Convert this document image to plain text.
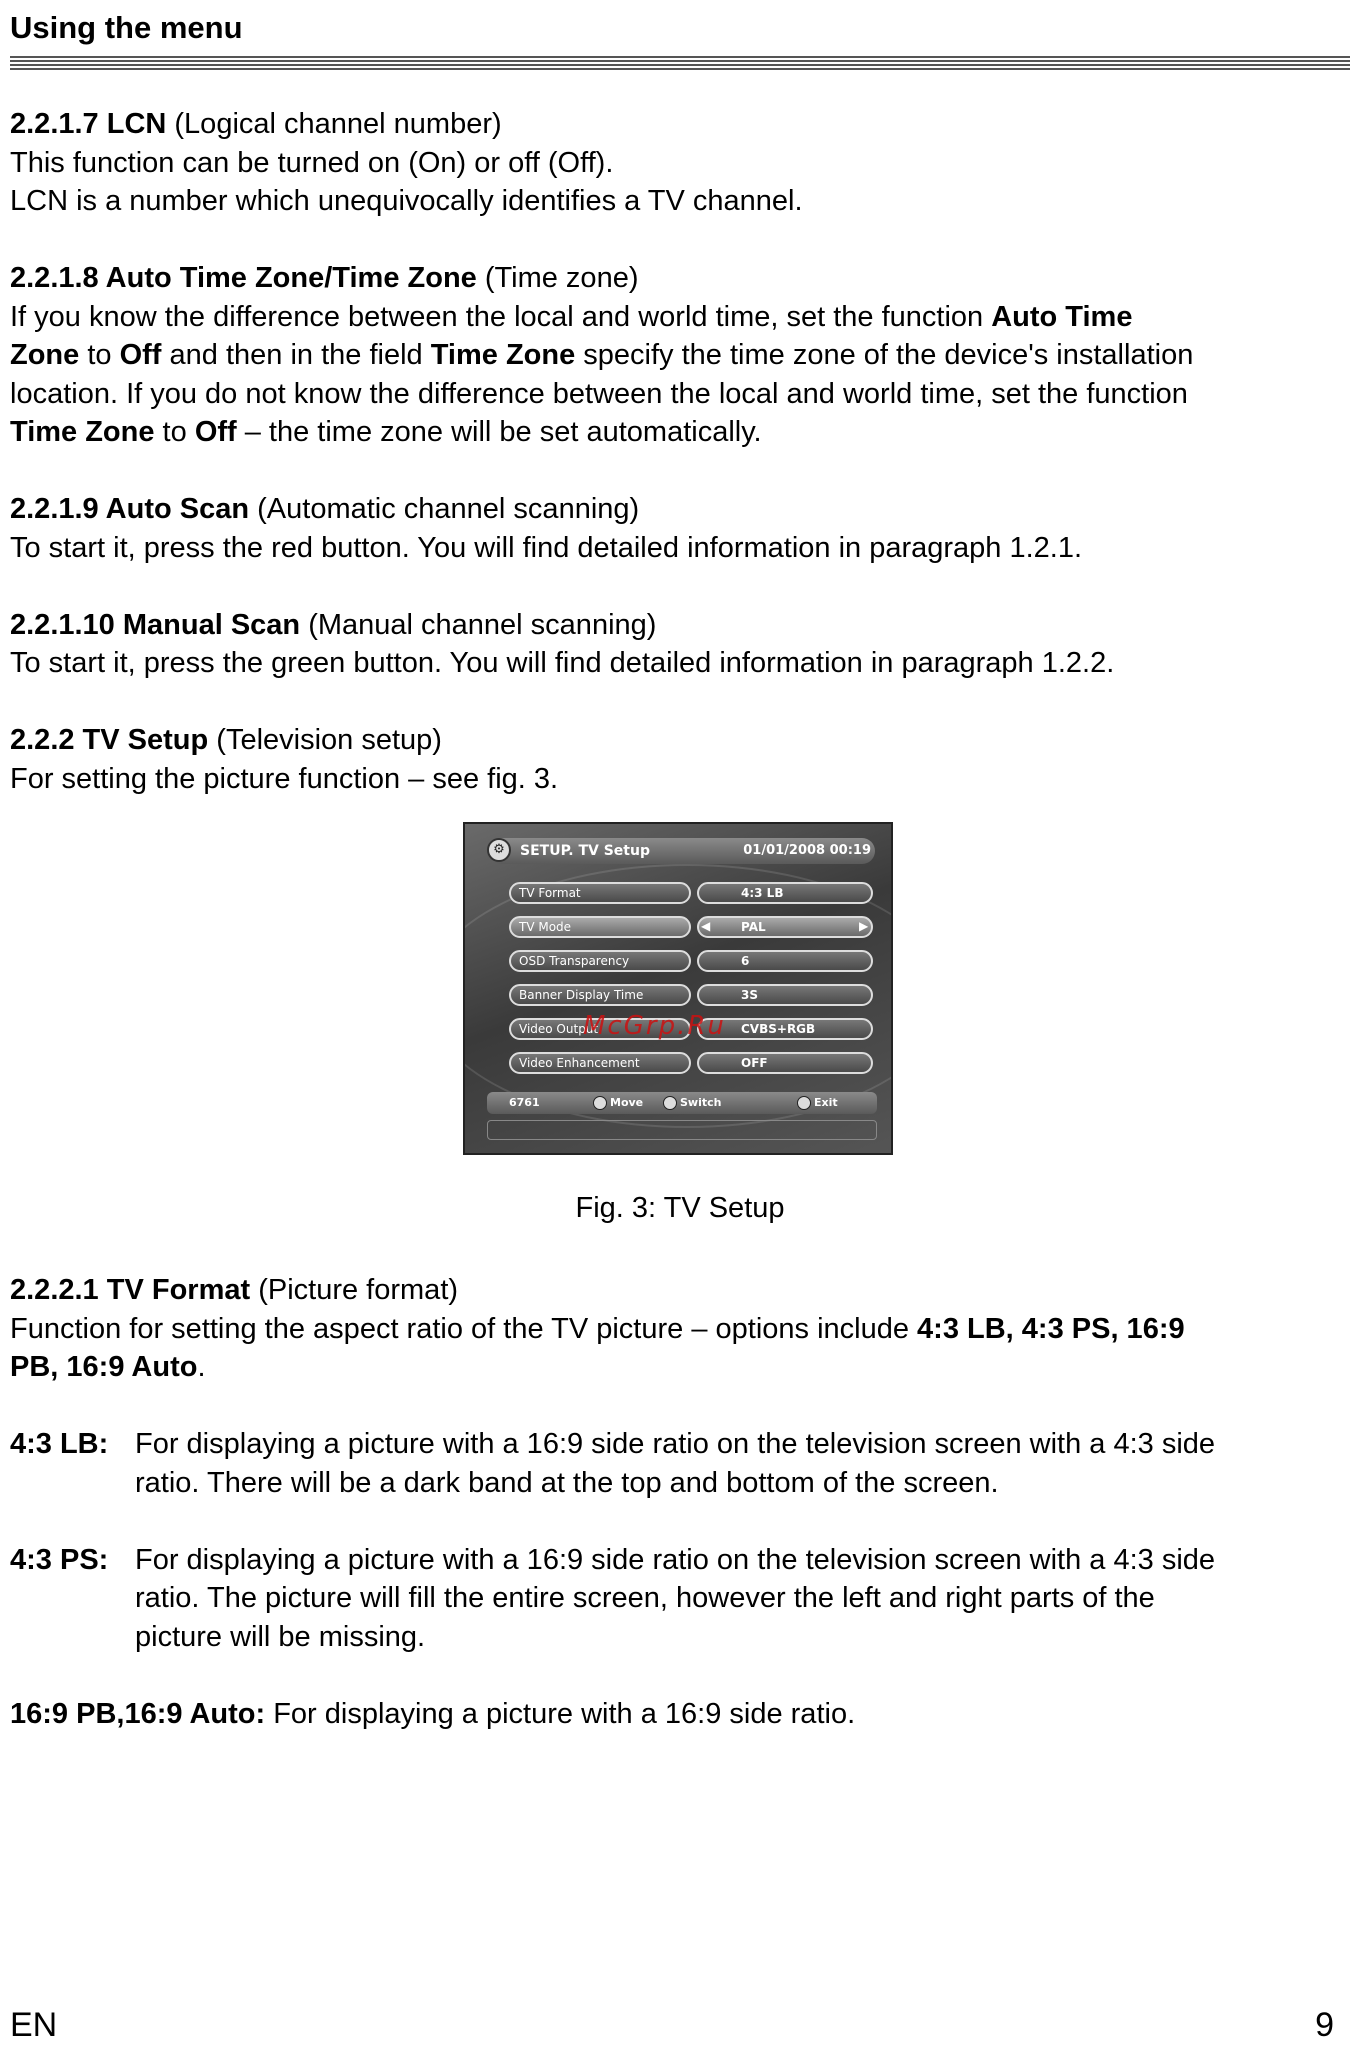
Using the menu
2.2.1.7 LCN (Logical channel number)
This function can be turned on (On) or off (Off).
LCN is a number which unequivocally identifies a TV channel.
2.2.1.8 Auto Time Zone/Time Zone (Time zone)
If you know the difference between the local and world time, set the function Auto Time
Zone to Off and then in the field Time Zone specify the time zone of the device's installation
location. If you do not know the difference between the local and world time, set the function
Time Zone to Off – the time zone will be set automatically.
2.2.1.9 Auto Scan (Automatic channel scanning)
To start it, press the red button. You will find detailed information in paragraph 1.2.1.
2.2.1.10 Manual Scan (Manual channel scanning)
To start it, press the green button. You will find detailed information in paragraph 1.2.2.
2.2.2 TV Setup (Television setup)
For setting the picture function – see fig. 3.
⚙	SETUP. TV Setup	01/01/2008 00:19
TV Format	4:3 LB
TV Mode	PAL
◀	▶
OSD Transparency	6
Banner Display Time	3S
Video Output	CVBS+RGB
Video Enhancement	OFF
6761	Move	Switch	Exit
McGrp.Ru
Fig. 3: TV Setup
2.2.2.1 TV Format (Picture format)
Function for setting the aspect ratio of the TV picture – options include 4:3 LB, 4:3 PS, 16:9
PB, 16:9 Auto.
4:3 LB: For displaying a picture with a 16:9 side ratio on the television screen with a 4:3 side
ratio. There will be a dark band at the top and bottom of the screen.
4:3 PS: For displaying a picture with a 16:9 side ratio on the television screen with a 4:3 side
ratio. The picture will fill the entire screen, however the left and right parts of the
picture will be missing.
16:9 PB,16:9 Auto: For displaying a picture with a 16:9 side ratio.
EN	9
